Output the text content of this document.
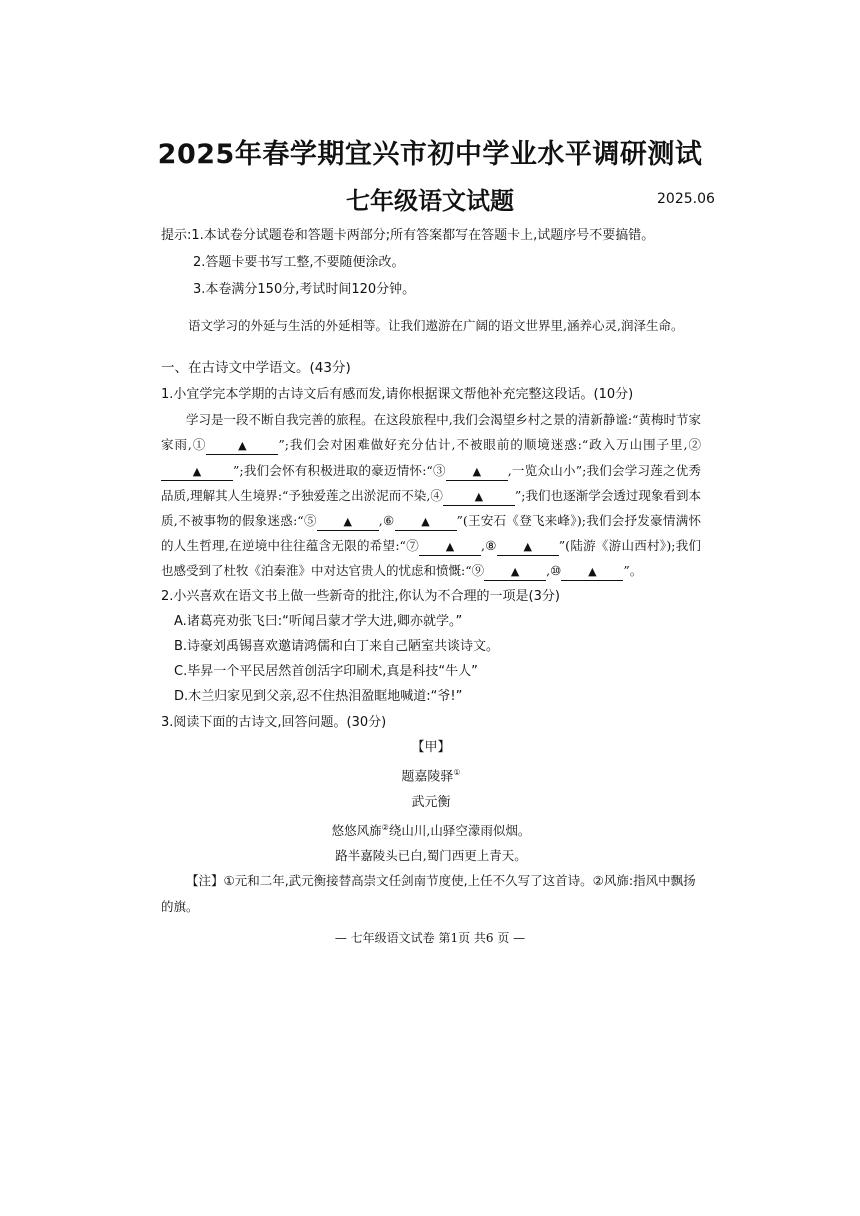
2025年春学期宜兴市初中学业水平调研测试
七年级语文试题	2025.06
提示:1.本试卷分试题卷和答题卡两部分;所有答案都写在答题卡上,试题序号不要搞错。
2.答题卡要书写工整,不要随便涂改。
3.本卷满分150分,考试时间120分钟。
语文学习的外延与生活的外延相等。让我们遨游在广阔的语文世界里,涵养心灵,润泽生命。
一、在古诗文中学语文。(43分)
1.小宜学完本学期的古诗文后有感而发,请你根据课文帮他补充完整这段话。(10分)
学习是一段不断自我完善的旅程。在这段旅程中,我们会渴望乡村之景的清新静谧:“黄梅时节家家雨,①	▲	”;我们会对困难做好充分估计,不被眼前的顺境迷惑:“政入万山围子里,②▲	”;我们会怀有积极进取的豪迈情怀:“③ ▲ ,一览众山小”;我们会学习莲之优秀品质,理解其人生境界:“予独爱莲之出淤泥而不染,④	▲	”;我们也逐渐学会透过现象看到本质,不被事物的假象迷惑:“⑤ ▲ ,⑥ ▲ ”(王安石《登飞来峰》);我们会抒发豪情满怀的人生哲理,在逆境中往往蕴含无限的希望:“⑦ ▲ ,⑧ ▲ ”(陆游《游山西村》);我们也感受到了杜牧《泊秦淮》中对达官贵人的忧虑和愤慨:“⑨ ▲ ,⑩ ▲ ”。
2.小兴喜欢在语文书上做一些新奇的批注,你认为不合理的一项是(3分)
A.诸葛亮劝张飞曰:“听闻吕蒙才学大进,卿亦就学。”
B.诗豪刘禹锡喜欢邀请鸿儒和白丁来自己陋室共谈诗文。
C.毕昇一个平民居然首创活字印刷术,真是科技“牛人”
D.木兰归家见到父亲,忍不住热泪盈眶地喊道:“爷!”
3.阅读下面的古诗文,回答问题。(30分)
【甲】
题嘉陵驿①
武元衡
悠悠风旆②绕山川,山驿空濛雨似烟。
路半嘉陵头已白,蜀门西更上青天。
【注】①元和二年,武元衡接替高崇文任剑南节度使,上任不久写了这首诗。②风旆:指风中飘扬的旗。
— 七年级语文试卷 第1页 共6 页 —
